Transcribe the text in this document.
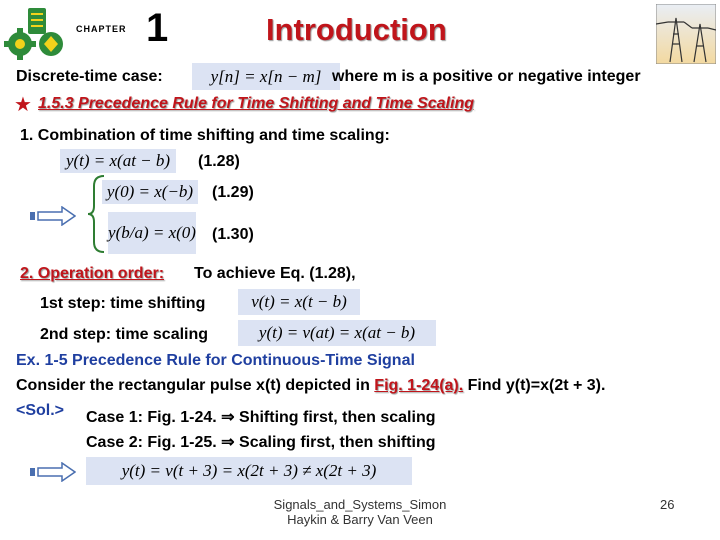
CHAPTER 1	Introduction
Discrete-time case:	y[n] = x[n − m] where m is a positive or negative integer
★ 1.5.3 Precedence Rule for Time Shifting and Time Scaling
1. Combination of time shifting and time scaling:
y(t) = x(at − b)	(1.28)
y(0) = x(−b)	(1.29)
y(b/a) = x(0) (1.30)
2. Operation order: To achieve Eq. (1.28),
1st step: time shifting	v(t) = x(t − b)
2nd step: time scaling	y(t) = v(at) = x(at − b)
Ex. 1-5 Precedence Rule for Continuous-Time Signal
Consider the rectangular pulse x(t) depicted in Fig. 1-24(a). Find y(t)=x(2t + 3).
<Sol.> Case 1: Fig. 1-24. ⇒ Shifting first, then scaling
Case 2: Fig. 1-25. ⇒ Scaling first, then shifting
y(t) = v(t + 3) = x(2t + 3) ≠ x(2t + 3)
Signals_and_Systems_Simon
Haykin & Barry Van Veen
26
